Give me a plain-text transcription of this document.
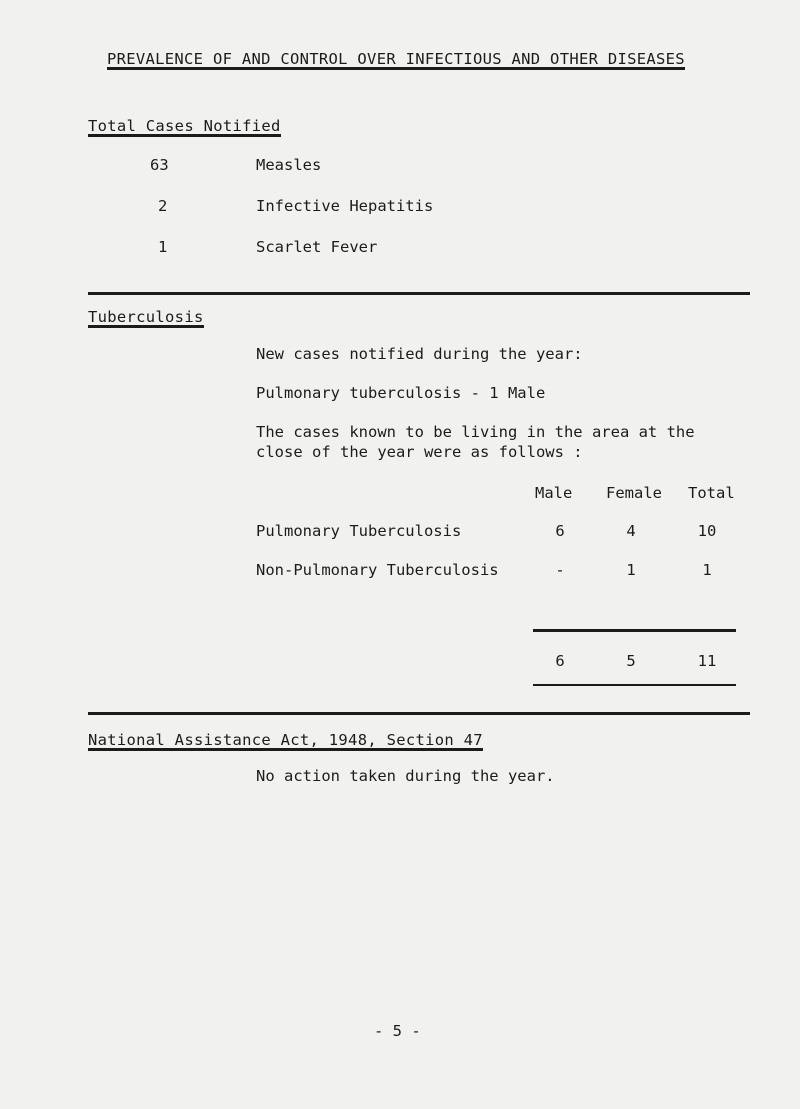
PREVALENCE OF AND CONTROL OVER INFECTIOUS AND OTHER DISEASES
Total Cases Notified
63	Measles
2	Infective Hepatitis
1	Scarlet Fever
Tuberculosis
New cases notified during the year:
Pulmonary tuberculosis - 1 Male
The cases known to be living in the area at the
close of the year were as follows :
Male Female Total
Pulmonary Tuberculosis	6	4	10
Non-Pulmonary Tuberculosis	-	1	1
6	5	11
National Assistance Act, 1948, Section 47
No action taken during the year.
- 5 -
